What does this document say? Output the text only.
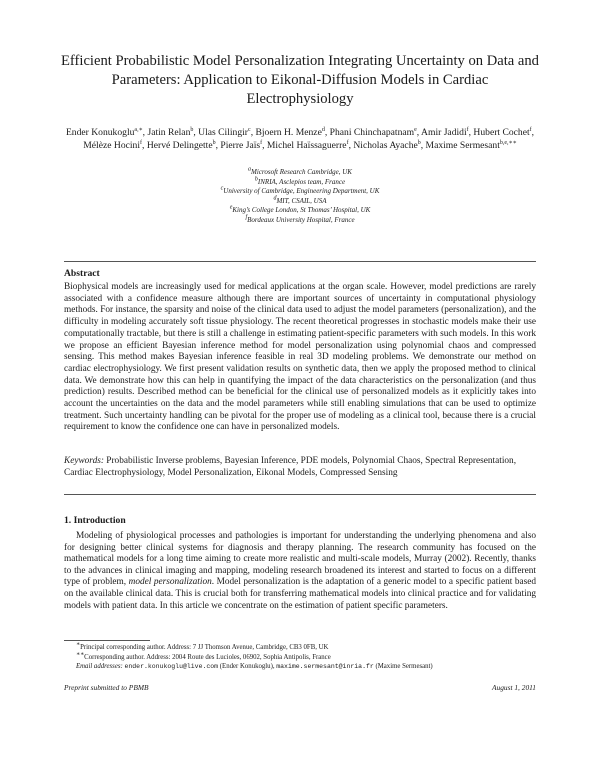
Efficient Probabilistic Model Personalization Integrating Uncertainty on Data and Parameters: Application to Eikonal-Diffusion Models in Cardiac Electrophysiology
Ender Konukoglu$^{a,∗}$, Jatin Relan$^b$, Ulas Cilingir$^c$, Bjoern H. Menze$^d$, Phani Chinchapatnam$^e$, Amir Jadidi$^f$, Hubert Cochet$^f$, Mélèze Hocini$^f$, Hervé Delingette$^b$, Pierre Jaïs$^f$, Michel Haïssaguerre$^f$, Nicholas Ayache$^b$, Maxime Sermesant$^{b,e,∗∗}$
$^a$Microsoft Research Cambridge, UK
$^b$INRIA, Asclepios team, France
$^c$University of Cambridge, Engineering Department, UK
$^d$MIT, CSAIL, USA
$^e$King’s College London, St Thomas’ Hospital, UK
$^f$Bordeaux University Hospital, France
Abstract
Biophysical models are increasingly used for medical applications at the organ scale. However, model predictions are rarely associated with a confidence measure although there are important sources of uncertainty in computational physiology methods. For instance, the sparsity and noise of the clinical data used to adjust the model parameters (personalization), and the difficulty in modeling accurately soft tissue physiology. The recent theoretical progresses in stochastic models make their use computationally tractable, but there is still a challenge in estimating patient-specific parameters with such models. In this work we propose an efficient Bayesian inference method for model personalization using polynomial chaos and compressed sensing. This method makes Bayesian inference feasible in real 3D modeling problems. We demonstrate our method on cardiac electrophysiology. We first present validation results on synthetic data, then we apply the proposed method to clinical data. We demonstrate how this can help in quantifying the impact of the data characteristics on the personalization (and thus prediction) results. Described method can be beneficial for the clinical use of personalized models as it explicitly takes into account the uncertainties on the data and the model parameters while still enabling simulations that can be used to optimize treatment. Such uncertainty handling can be pivotal for the proper use of modeling as a clinical tool, because there is a crucial requirement to know the confidence one can have in personalized models.
Keywords: Probabilistic Inverse problems, Bayesian Inference, PDE models, Polynomial Chaos, Spectral Representation, Cardiac Electrophysiology, Model Personalization, Eikonal Models, Compressed Sensing
1. Introduction
Modeling of physiological processes and pathologies is important for understanding the underlying phenomena and also for designing better clinical systems for diagnosis and therapy planning. The research community has focused on the mathematical models for a long time aiming to create more realistic and multi-scale models, Murray (2002). Recently, thanks to the advances in clinical imaging and mapping, modeling research broadened its interest and started to focus on a different type of problem, model personalization. Model personalization is the adaptation of a generic model to a specific patient based on the available clinical data. This is crucial both for transferring mathematical models into clinical practice and for validating models with patient data. In this article we concentrate on the estimation of patient specific parameters.
∗Principal corresponding author. Address: 7 JJ Thomson Avenue, Cambridge, CB3 0FB, UK
∗∗Corresponding author. Address: 2004 Route des Lucioles, 06902, Sophia Antipolis, France
Email addresses: ender.konukoglu@live.com (Ender Konukoglu), maxime.sermesant@inria.fr (Maxime Sermesant)
Preprint submitted to PBMB	August 1, 2011
